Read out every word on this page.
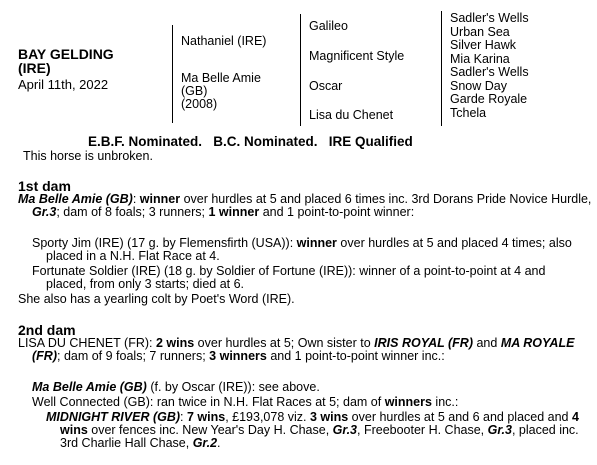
BAY GELDING
(IRE)
April 11th, 2022
Nathaniel (IRE)
Ma Belle Amie
(GB)
(2008)
Galileo
Magnificent Style
Oscar
Lisa du Chenet
Sadler's Wells
Urban Sea
Silver Hawk
Mia Karina
Sadler's Wells
Snow Day
Garde Royale
Tchela
E.B.F. Nominated.   B.C. Nominated.   IRE Qualified
This horse is unbroken.
1st dam
Ma Belle Amie (GB): winner over hurdles at 5 and placed 6 times inc. 3rd Dorans Pride Novice Hurdle, Gr.3; dam of 8 foals; 3 runners; 1 winner and 1 point-to-point winner:
Sporty Jim (IRE) (17 g. by Flemensfirth (USA)): winner over hurdles at 5 and placed 4 times; also placed in a N.H. Flat Race at 4.
Fortunate Soldier (IRE) (18 g. by Soldier of Fortune (IRE)): winner of a point-to-point at 4 and placed, from only 3 starts; died at 6.
She also has a yearling colt by Poet's Word (IRE).
2nd dam
LISA DU CHENET (FR): 2 wins over hurdles at 5; Own sister to IRIS ROYAL (FR) and MA ROYALE (FR); dam of 9 foals; 7 runners; 3 winners and 1 point-to-point winner inc.:
Ma Belle Amie (GB) (f. by Oscar (IRE)): see above.
Well Connected (GB): ran twice in N.H. Flat Races at 5; dam of winners inc.:
MIDNIGHT RIVER (GB): 7 wins, £193,078 viz. 3 wins over hurdles at 5 and 6 and placed and 4 wins over fences inc. New Year's Day H. Chase, Gr.3, Freebooter H. Chase, Gr.3, placed inc. 3rd Charlie Hall Chase, Gr.2.
